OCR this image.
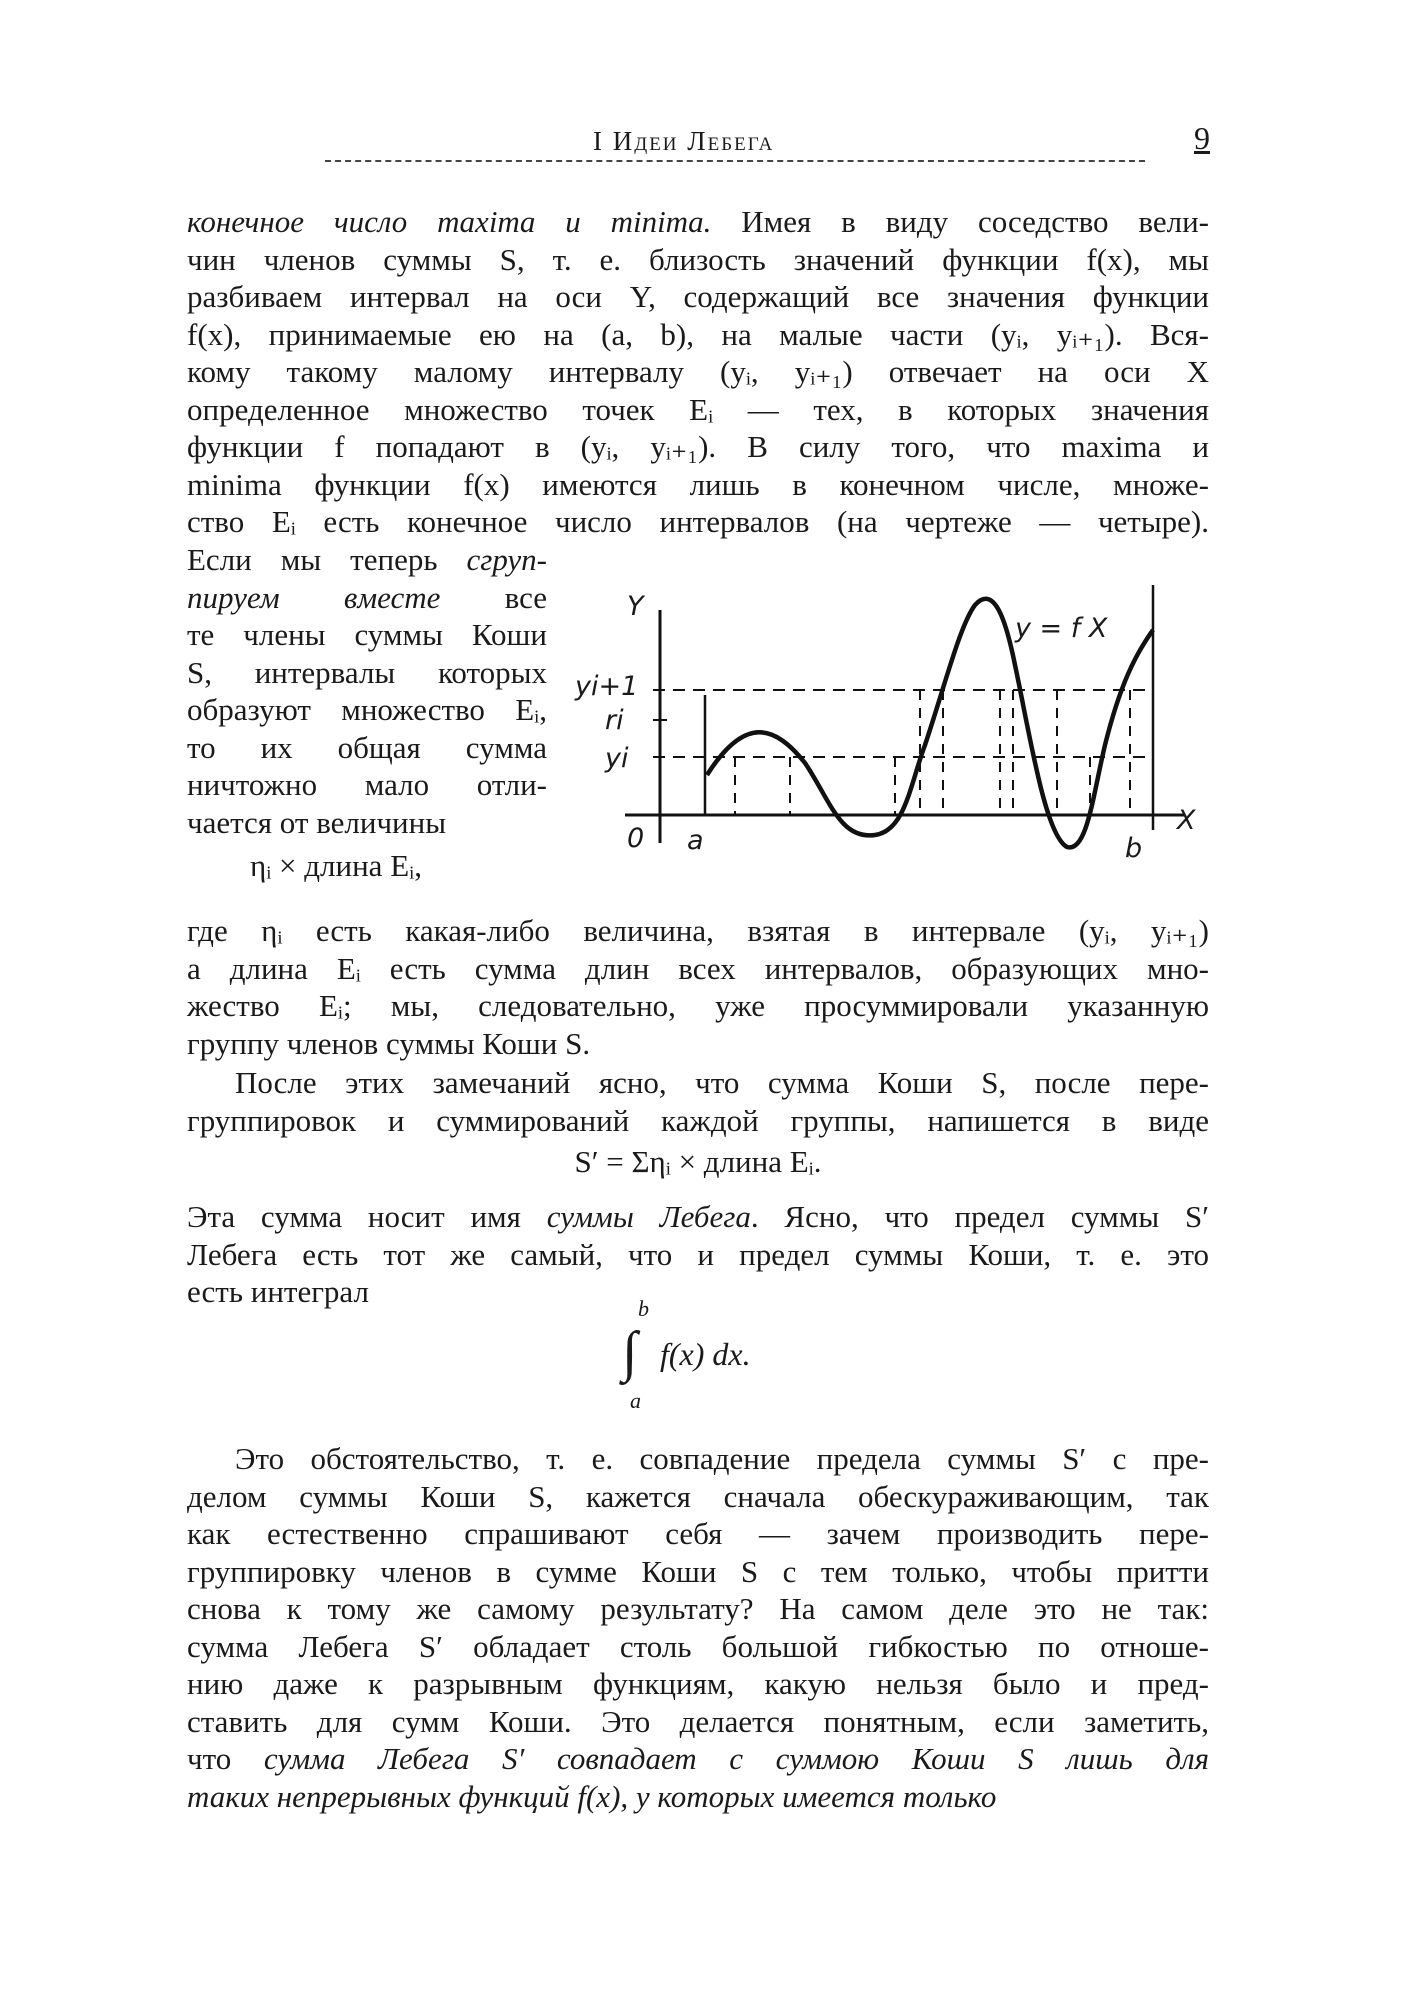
I Идеи Лебега	9

конечное число maxima и minima. Имея в виду соседство вели-

чин членов суммы S, т. е. близость значений функции f(x), мы

разбиваем интервал на оси Y, содержащий все значения функции

f(x), принимаемые ею на (a, b), на малые части (yᵢ, yᵢ₊₁). Вся-

кому такому малому интервалу (yᵢ, yᵢ₊₁) отвечает на оси X

определенное множество точек Eᵢ — тех, в которых значения

функции f попадают в (yᵢ, yᵢ₊₁). В силу того, что maxima и

minima функции f(x) имеются лишь в конечном числе, множе-

ство Eᵢ есть конечное число интервалов (на чертеже — четыре).

Если мы теперь сгруп-

пируем вместе все

те члены суммы Коши

S, интервалы которых

образуют множество Eᵢ,

то их общая сумма

ничтожно мало отли-

чается от величины

ηᵢ × длина Eᵢ,
Y
yi+1
ri
yi
0 a	b
X
y = f X

где ηᵢ есть какая-либо величина, взятая в интервале (yᵢ, yᵢ₊₁)

а длина Eᵢ есть сумма длин всех интервалов, образующих мно-

жество Eᵢ; мы, следовательно, уже просуммировали указанную

группу членов суммы Коши S.

После этих замечаний ясно, что сумма Коши S, после пере-

группировок и суммирований каждой группы, напишется в виде

S′ = Σηᵢ × длина Eᵢ.

Эта сумма носит имя суммы Лебега. Ясно, что предел суммы S′

Лебега есть тот же самый, что и предел суммы Коши, т. е. это

есть интеграл	b
∫ f(x) dx.
a

Это обстоятельство, т. е. совпадение предела суммы S′ с пре-

делом суммы Коши S, кажется сначала обескураживающим, так

как естественно спрашивают себя — зачем производить пере-

группировку членов в сумме Коши S с тем только, чтобы притти

снова к тому же самому результату? На самом деле это не так:

сумма Лебега S′ обладает столь большой гибкостью по отноше-

нию даже к разрывным функциям, какую нельзя было и пред-

ставить для сумм Коши. Это делается понятным, если заметить,

что сумма Лебега S′ совпадает с суммою Коши S лишь для

таких непрерывных функций f(x), у которых имеется только
